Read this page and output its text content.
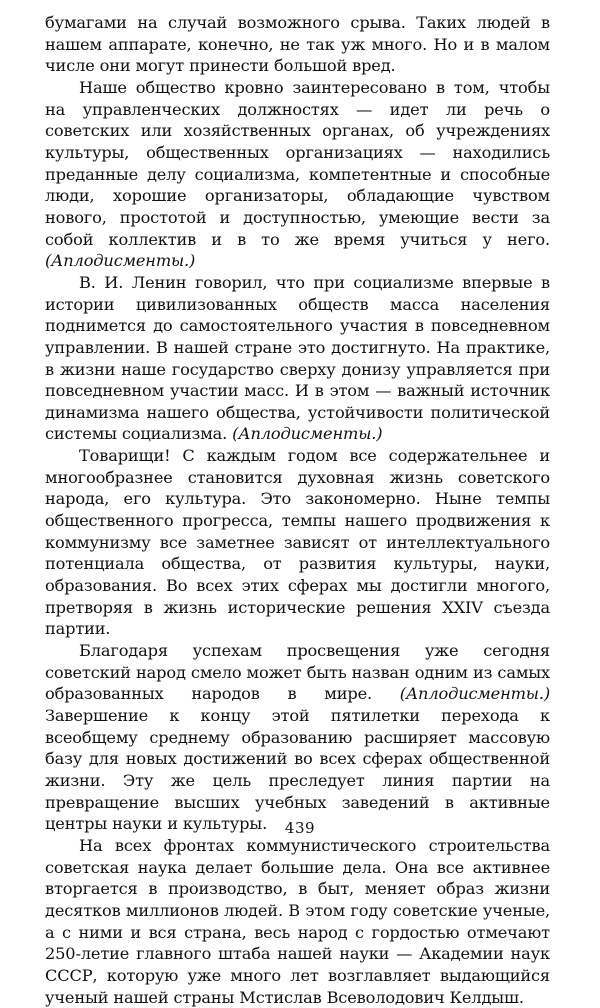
бумагами на случай возможного срыва. Таких людей в нашем аппарате, конечно, не так уж много. Но и в малом числе они могут принести большой вред.

Наше общество кровно заинтересовано в том, чтобы на управленческих должностях — идет ли речь о советских или хозяйственных органах, об учреждениях культуры, общественных организациях — находились преданные делу социализма, компетентные и способные люди, хорошие организаторы, обладающие чувством нового, простотой и доступностью, умеющие вести за собой коллектив и в то же время учиться у него. (Аплодисменты.)

В. И. Ленин говорил, что при социализме впервые в истории цивилизованных обществ масса населения поднимется до самостоятельного участия в повседневном управлении. В нашей стране это достигнуто. На практике, в жизни наше государство сверху донизу управляется при повседневном участии масс. И в этом — важный источник динамизма нашего общества, устойчивости политической системы социализма. (Аплодисменты.)

Товарищи! С каждым годом все содержательнее и многообразнее становится духовная жизнь советского народа, его культура. Это закономерно. Ныне темпы общественного прогресса, темпы нашего продвижения к коммунизму все заметнее зависят от интеллектуального потенциала общества, от развития культуры, науки, образования. Во всех этих сферах мы достигли многого, претворяя в жизнь исторические решения XXIV съезда партии.

Благодаря успехам просвещения уже сегодня советский народ смело может быть назван одним из самых образованных народов в мире. (Аплодисменты.) Завершение к концу этой пятилетки перехода к всеобщему среднему образованию расширяет массовую базу для новых достижений во всех сферах общественной жизни. Эту же цель преследует линия партии на превращение высших учебных заведений в активные центры науки и культуры.

На всех фронтах коммунистического строительства советская наука делает большие дела. Она все активнее вторгается в производство, в быт, меняет образ жизни десятков миллионов людей. В этом году советские ученые, а с ними и вся страна, весь народ с гордостью отмечают 250-летие главного штаба нашей науки — Академии наук СССР, которую уже много лет возглавляет выдающийся ученый нашей страны Мстислав Всеволодович Келдыш.

439
